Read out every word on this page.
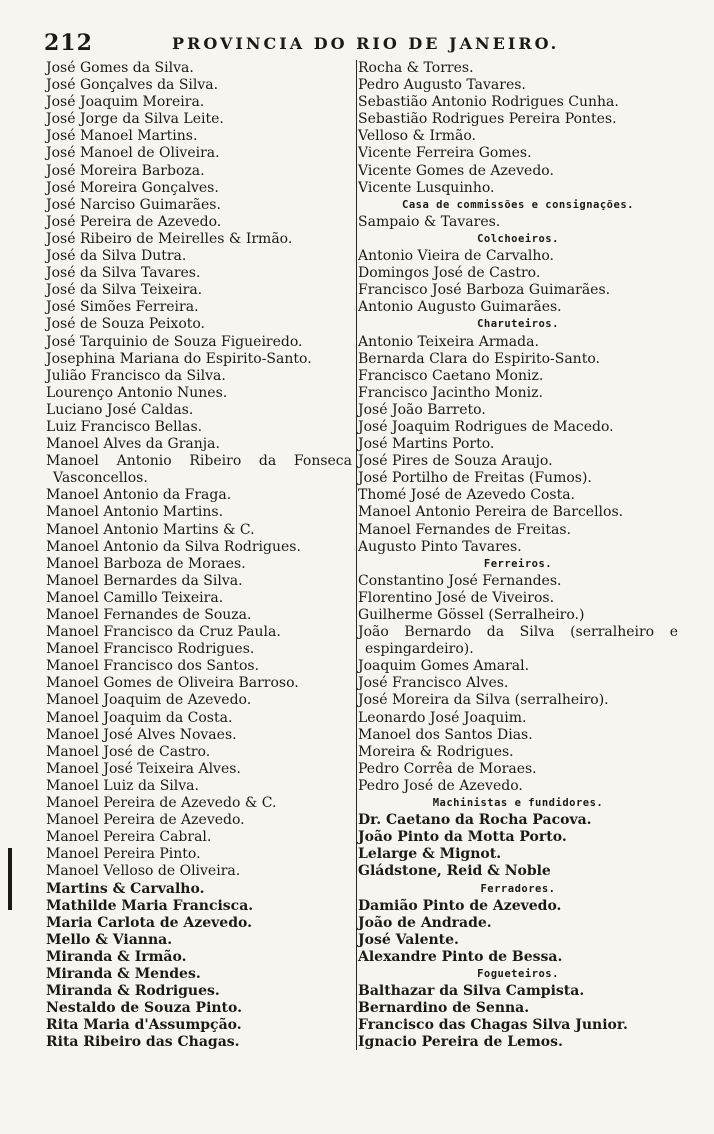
212	PROVINCIA DO RIO DE JANEIRO.
José Gomes da Silva.
José Gonçalves da Silva.
José Joaquim Moreira.
José Jorge da Silva Leite.
José Manoel Martins.
José Manoel de Oliveira.
José Moreira Barboza.
José Moreira Gonçalves.
José Narciso Guimarães.
José Pereira de Azevedo.
José Ribeiro de Meirelles & Irmão.
José da Silva Dutra.
José da Silva Tavares.
José da Silva Teixeira.
José Simões Ferreira.
José de Souza Peixoto.
José Tarquinio de Souza Figueiredo.
Josephina Mariana do Espirito-Santo.
Julião Francisco da Silva.
Lourenço Antonio Nunes.
Luciano José Caldas.
Luiz Francisco Bellas.
Manoel Alves da Granja.
Manoel Antonio Ribeiro da Fonseca Vasconcellos.
Manoel Antonio da Fraga.
Manoel Antonio Martins.
Manoel Antonio Martins & C.
Manoel Antonio da Silva Rodrigues.
Manoel Barboza de Moraes.
Manoel Bernardes da Silva.
Manoel Camillo Teixeira.
Manoel Fernandes de Souza.
Manoel Francisco da Cruz Paula.
Manoel Francisco Rodrigues.
Manoel Francisco dos Santos.
Manoel Gomes de Oliveira Barroso.
Manoel Joaquim de Azevedo.
Manoel Joaquim da Costa.
Manoel José Alves Novaes.
Manoel José de Castro.
Manoel José Teixeira Alves.
Manoel Luiz da Silva.
Manoel Pereira de Azevedo & C.
Manoel Pereira de Azevedo.
Manoel Pereira Cabral.
Manoel Pereira Pinto.
Manoel Velloso de Oliveira.
Martins & Carvalho.
Mathilde Maria Francisca.
Maria Carlota de Azevedo.
Mello & Vianna.
Miranda & Irmão.
Miranda & Mendes.
Miranda & Rodrigues.
Nestaldo de Souza Pinto.
Rita Maria d'Assumpção.
Rita Ribeiro das Chagas.
Rocha & Torres.
Pedro Augusto Tavares.
Sebastião Antonio Rodrigues Cunha.
Sebastião Rodrigues Pereira Pontes.
Velloso & Irmão.
Vicente Ferreira Gomes.
Vicente Gomes de Azevedo.
Vicente Lusquinho.
Casa de commissões e consignações.
Sampaio & Tavares.
Colchoeiros.
Antonio Vieira de Carvalho.
Domingos José de Castro.
Francisco José Barboza Guimarães.
Antonio Augusto Guimarães.
Charuteiros.
Antonio Teixeira Armada.
Bernarda Clara do Espirito-Santo.
Francisco Caetano Moniz.
Francisco Jacintho Moniz.
José João Barreto.
José Joaquim Rodrigues de Macedo.
José Martins Porto.
José Pires de Souza Araujo.
José Portilho de Freitas (Fumos).
Thomé José de Azevedo Costa.
Manoel Antonio Pereira de Barcellos.
Manoel Fernandes de Freitas.
Augusto Pinto Tavares.
Ferreiros.
Constantino José Fernandes.
Florentino José de Viveiros.
Guilherme Gössel (Serralheiro.)
João Bernardo da Silva (serralheiro e espingardeiro).
Joaquim Gomes Amaral.
José Francisco Alves.
José Moreira da Silva (serralheiro).
Leonardo José Joaquim.
Manoel dos Santos Dias.
Moreira & Rodrigues.
Pedro Corrêa de Moraes.
Pedro José de Azevedo.
Machinistas e fundidores.
Dr. Caetano da Rocha Pacova.
João Pinto da Motta Porto.
Lelarge & Mignot.
Gládstone, Reid & Noble
Ferradores.
Damião Pinto de Azevedo.
João de Andrade.
José Valente.
Alexandre Pinto de Bessa.
Fogueteiros.
Balthazar da Silva Campista.
Bernardino de Senna.
Francisco das Chagas Silva Junior.
Ignacio Pereira de Lemos.
